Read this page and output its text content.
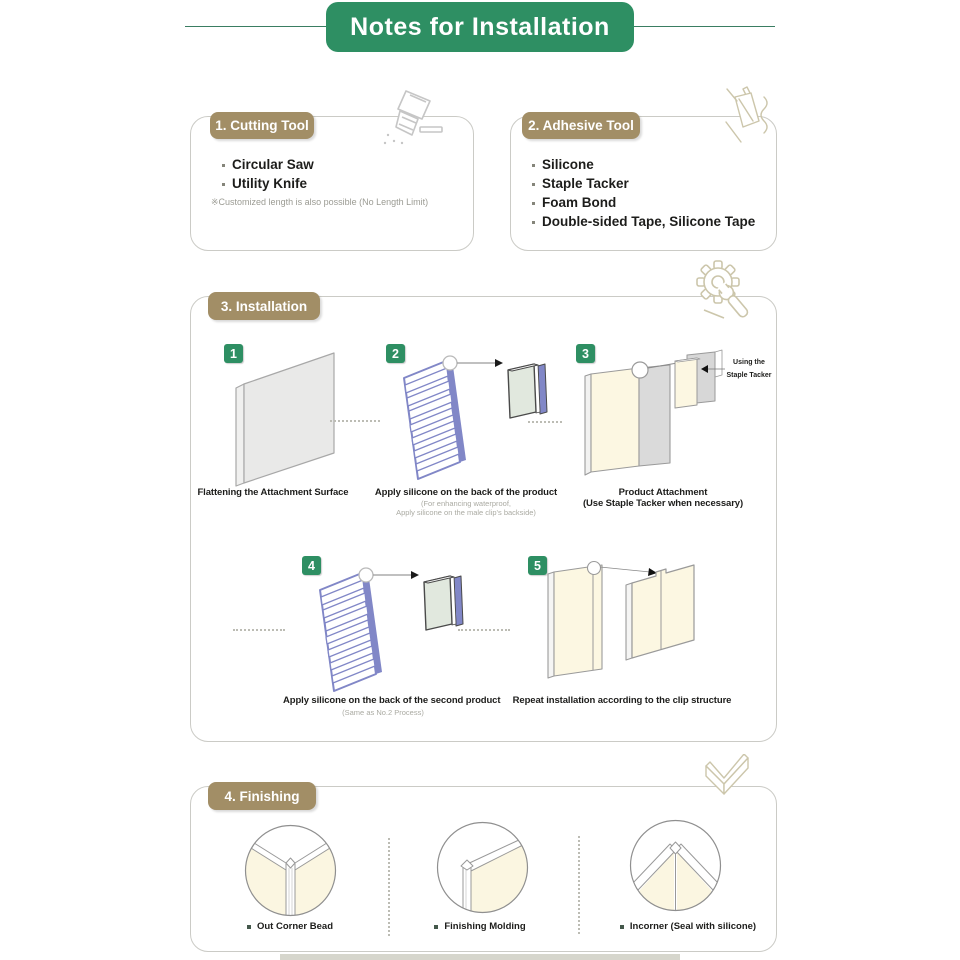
Notes for Installation
1. Cutting Tool
Circular Saw
Utility Knife
※Customized length is also possible (No Length Limit)
2. Adhesive Tool
Silicone
Staple Tacker
Foam Bond
Double-sided Tape, Silicone Tape
3. Installation
1	2	3
4	5
Using the
Staple Tacker
Flattening the Attachment Surface	Apply silicone on the back of the product
(For enhancing waterproof,
Apply silicone on the male clip's backside)
Product Attachment
(Use Staple Tacker when necessary)
Apply silicone on the back of the second product
(Same as No.2 Process)
Repeat installation according to the clip structure
4. Finishing
Out Corner Bead	Finishing Molding	Incorner (Seal with silicone)
